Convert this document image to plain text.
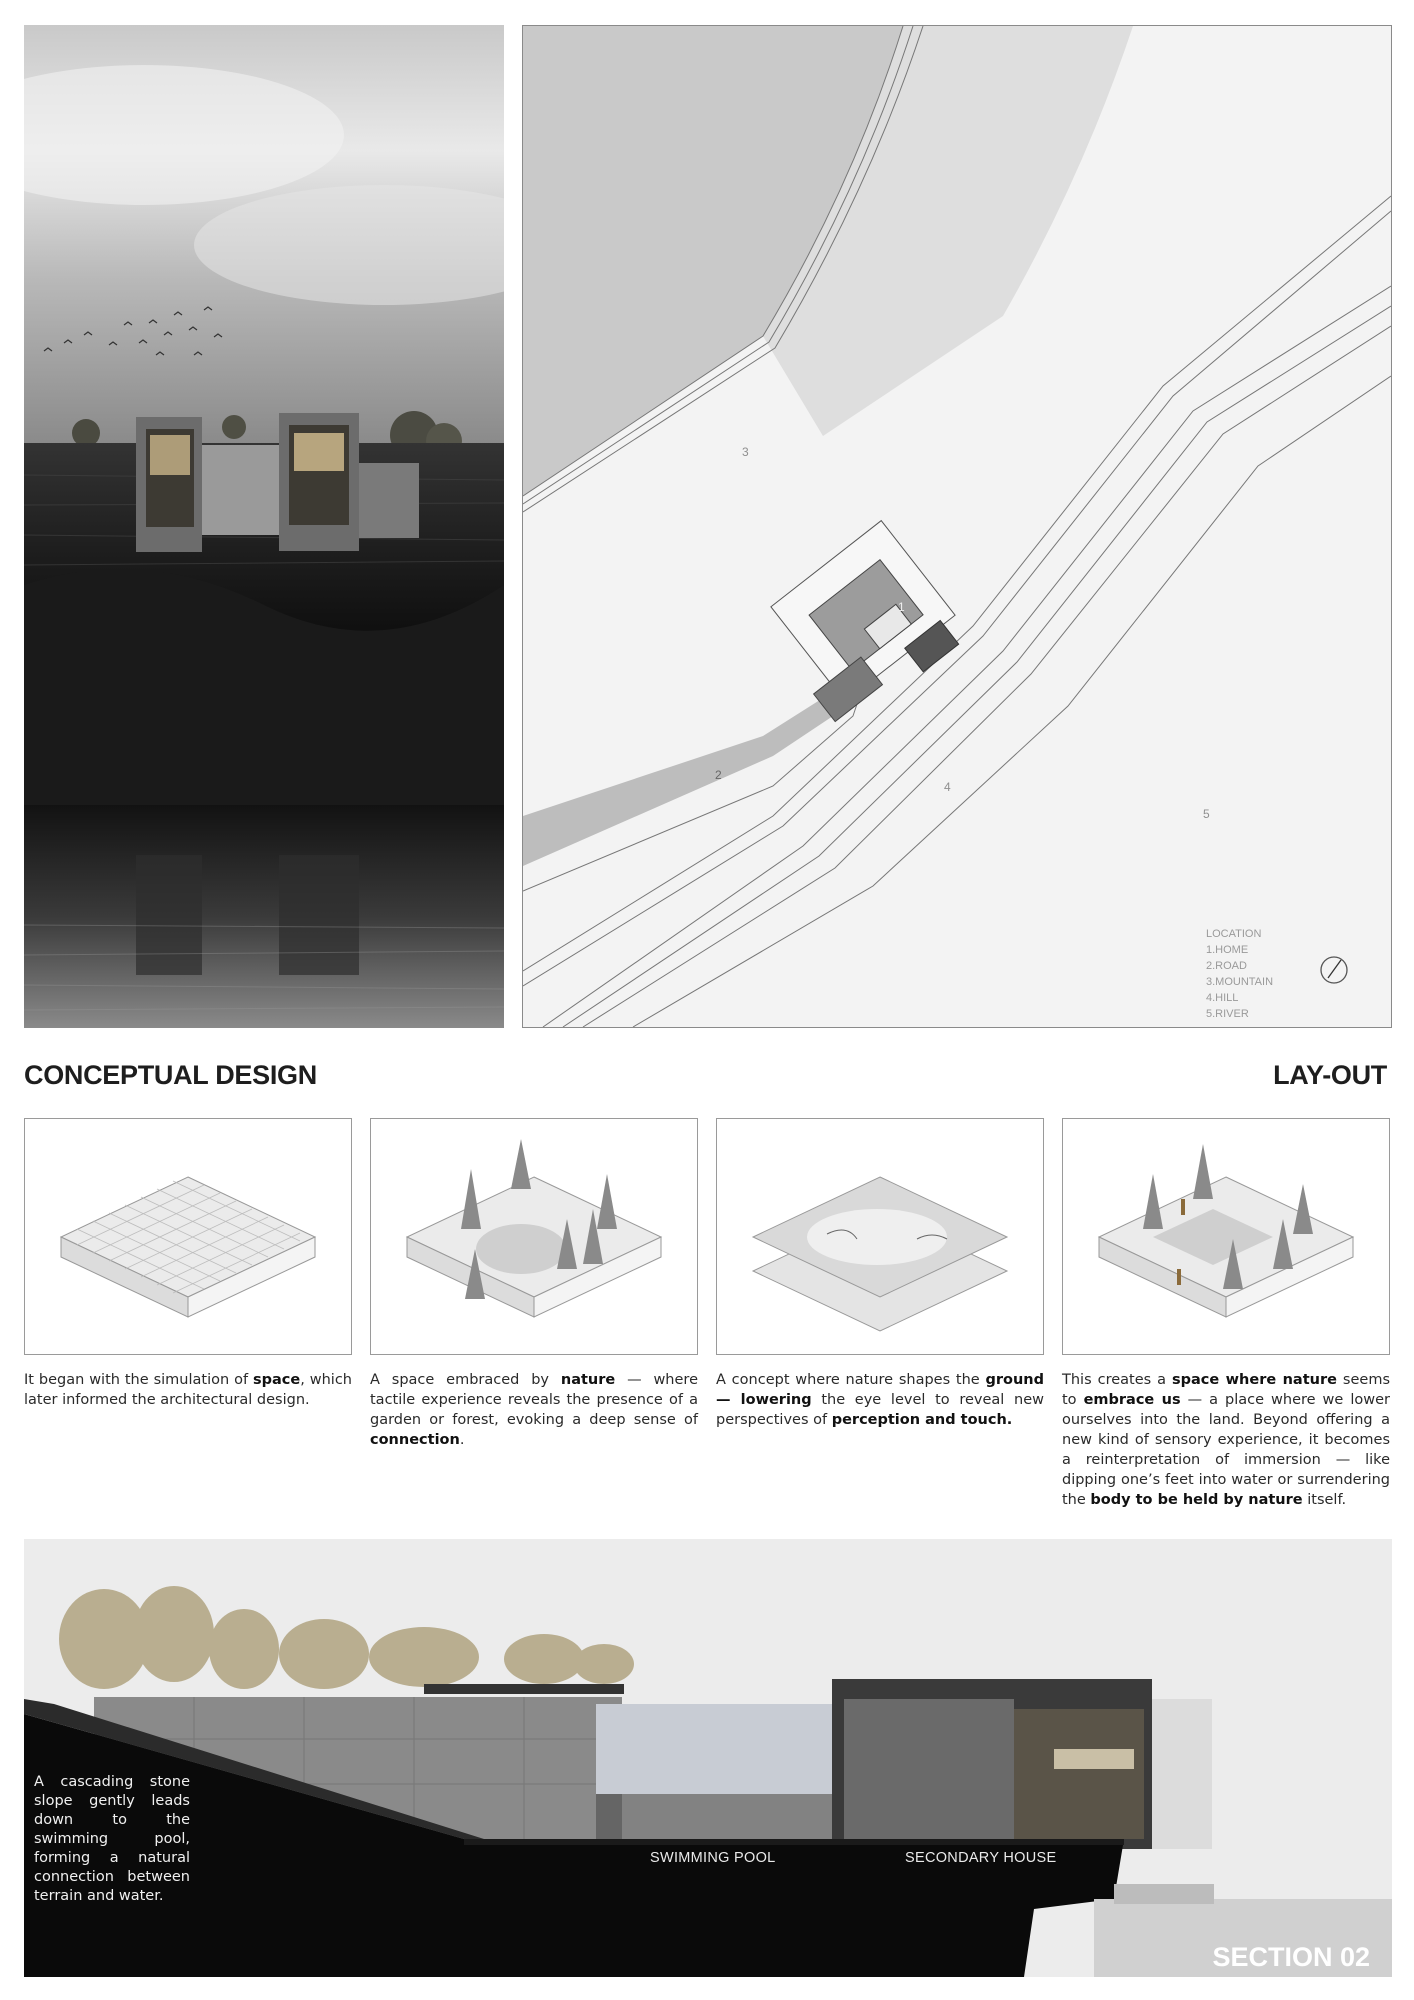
3
1
2
4
5
LOCATION
1.HOME
2.ROAD
3.MOUNTAIN
4.HILL
5.RIVER
CONCEPTUAL DESIGN	LAY-OUT
It began with the simulation of space, which later informed the architectural design.
A space embraced by nature — where tactile experience reveals the presence of a garden or forest, evoking a deep sense of connection.
A concept where nature shapes the ground — lowering the eye level to reveal new perspectives of perception and touch.
This creates a space where nature seems to embrace us — a place where we lower ourselves into the land. Beyond offering a new kind of sensory experience, it becomes a reinterpretation of immersion — like dipping one’s feet into water or surrendering the body to be held by nature itself.
SWIMMING POOL	SECONDARY HOUSE
A cascading stone slope gently leads down to the swimming pool, forming a natural connection between terrain and water.
SECTION 02
